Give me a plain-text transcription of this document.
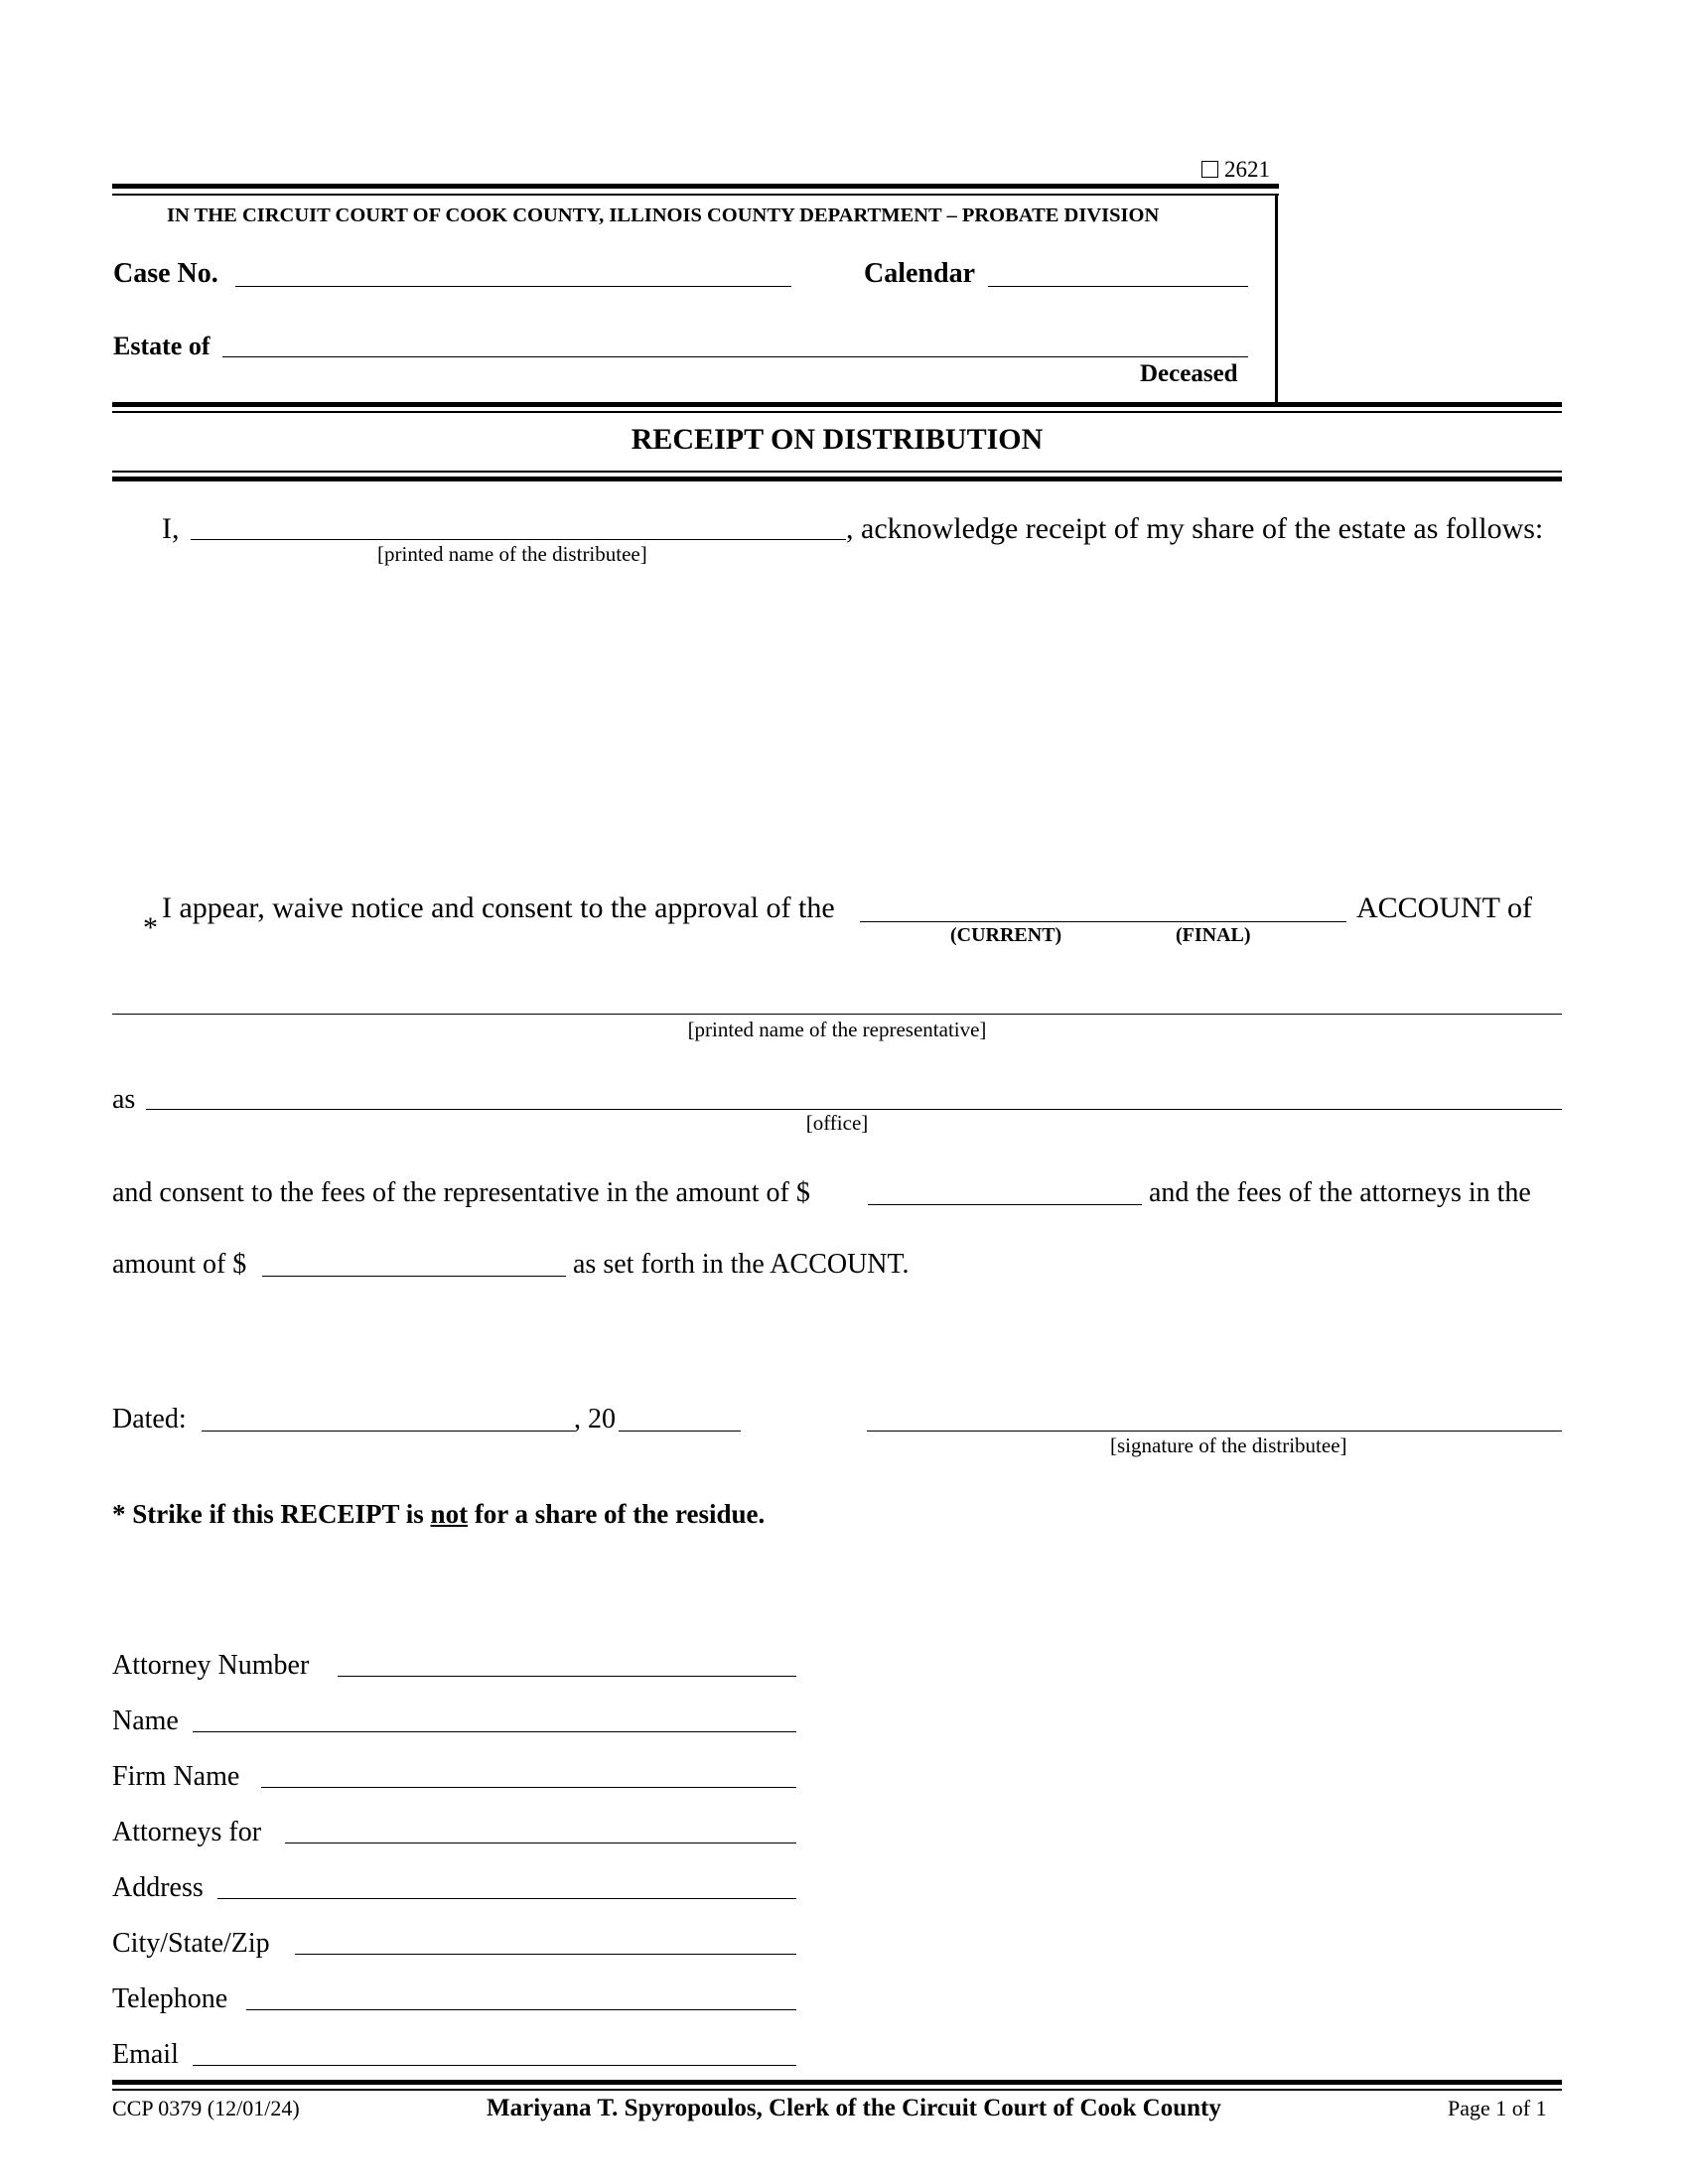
2621
IN THE CIRCUIT COURT OF COOK COUNTY, ILLINOIS COUNTY DEPARTMENT – PROBATE DIVISION
Case No.	Calendar
Estate of
Deceased
RECEIPT ON DISTRIBUTION
I,	, acknowledge receipt of my share of the estate as follows:
[printed name of the distributee]
*
I appear, waive notice and consent to the approval of the
(CURRENT)	(FINAL)
ACCOUNT of
[printed name of the representative]
as
[office]
and consent to the fees of the representative in the amount of $	and the fees of the attorneys in the
amount of $	as set forth in the ACCOUNT.
Dated:	, 20
[signature of the distributee]
* Strike if this RECEIPT is not for a share of the residue.
Attorney Number
Name
Firm Name
Attorneys for
Address
City/State/Zip
Telephone
Email
CCP 0379 (12/01/24)	Mariyana T. Spyropoulos, Clerk of the Circuit Court of Cook County	Page 1 of 1
